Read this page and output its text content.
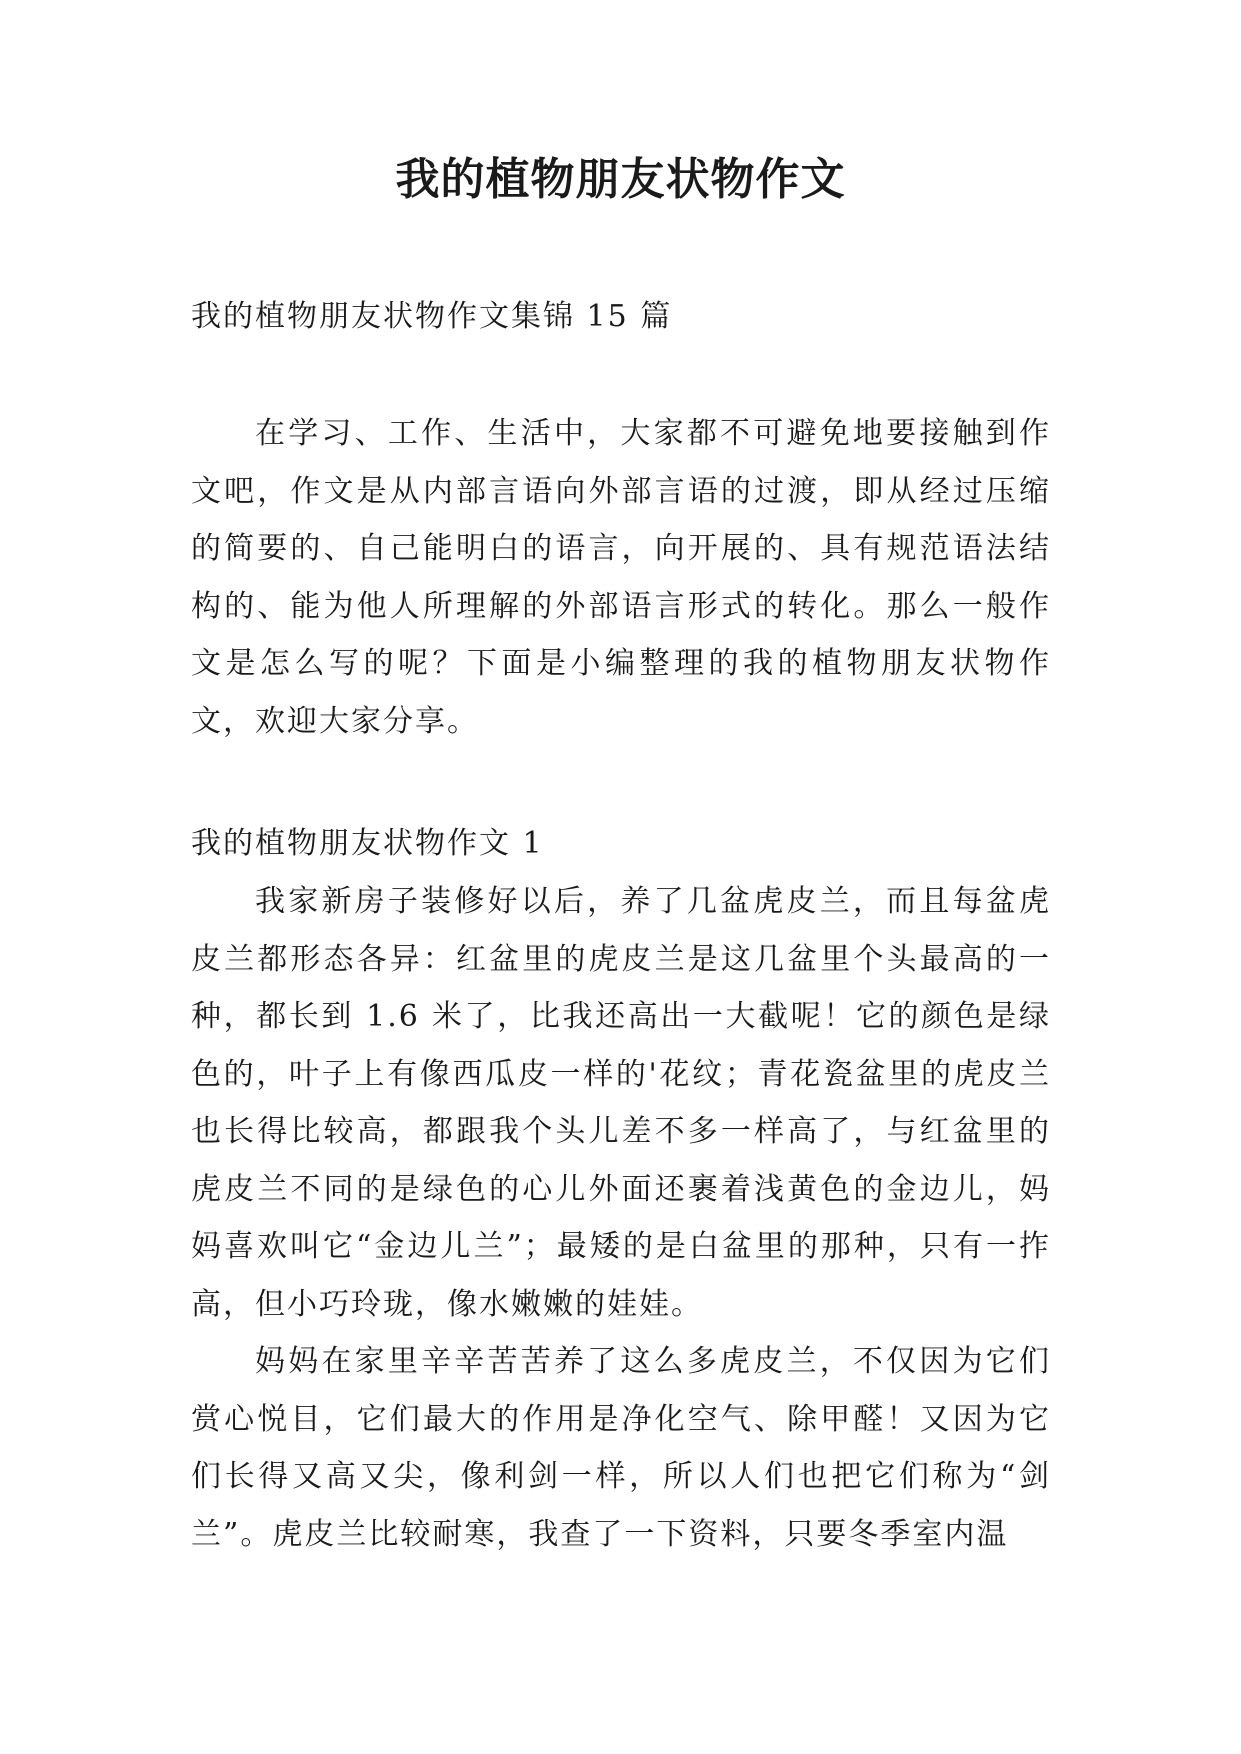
我的植物朋友状物作文

我的植物朋友状物作文集锦 15 篇

在学习、工作、生活中，大家都不可避免地要接触到作文吧，作文是从内部言语向外部言语的过渡，即从经过压缩的简要的、自己能明白的语言，向开展的、具有规范语法结构的、能为他人所理解的外部语言形式的转化。那么一般作文是怎么写的呢？下面是小编整理的我的植物朋友状物作文，欢迎大家分享。

我的植物朋友状物作文 1

我家新房子装修好以后，养了几盆虎皮兰，而且每盆虎皮兰都形态各异：红盆里的虎皮兰是这几盆里个头最高的一种，都长到 1.6 米了，比我还高出一大截呢！它的颜色是绿色的，叶子上有像西瓜皮一样的'花纹；青花瓷盆里的虎皮兰也长得比较高，都跟我个头儿差不多一样高了，与红盆里的虎皮兰不同的是绿色的心儿外面还裹着浅黄色的金边儿，妈妈喜欢叫它“金边儿兰”；最矮的是白盆里的那种，只有一拃高，但小巧玲珑，像水嫩嫩的娃娃。

妈妈在家里辛辛苦苦养了这么多虎皮兰，不仅因为它们赏心悦目，它们最大的作用是净化空气、除甲醛！又因为它们长得又高又尖，像利剑一样，所以人们也把它们称为“剑兰”。虎皮兰比较耐寒，我查了一下资料，只要冬季室内温
